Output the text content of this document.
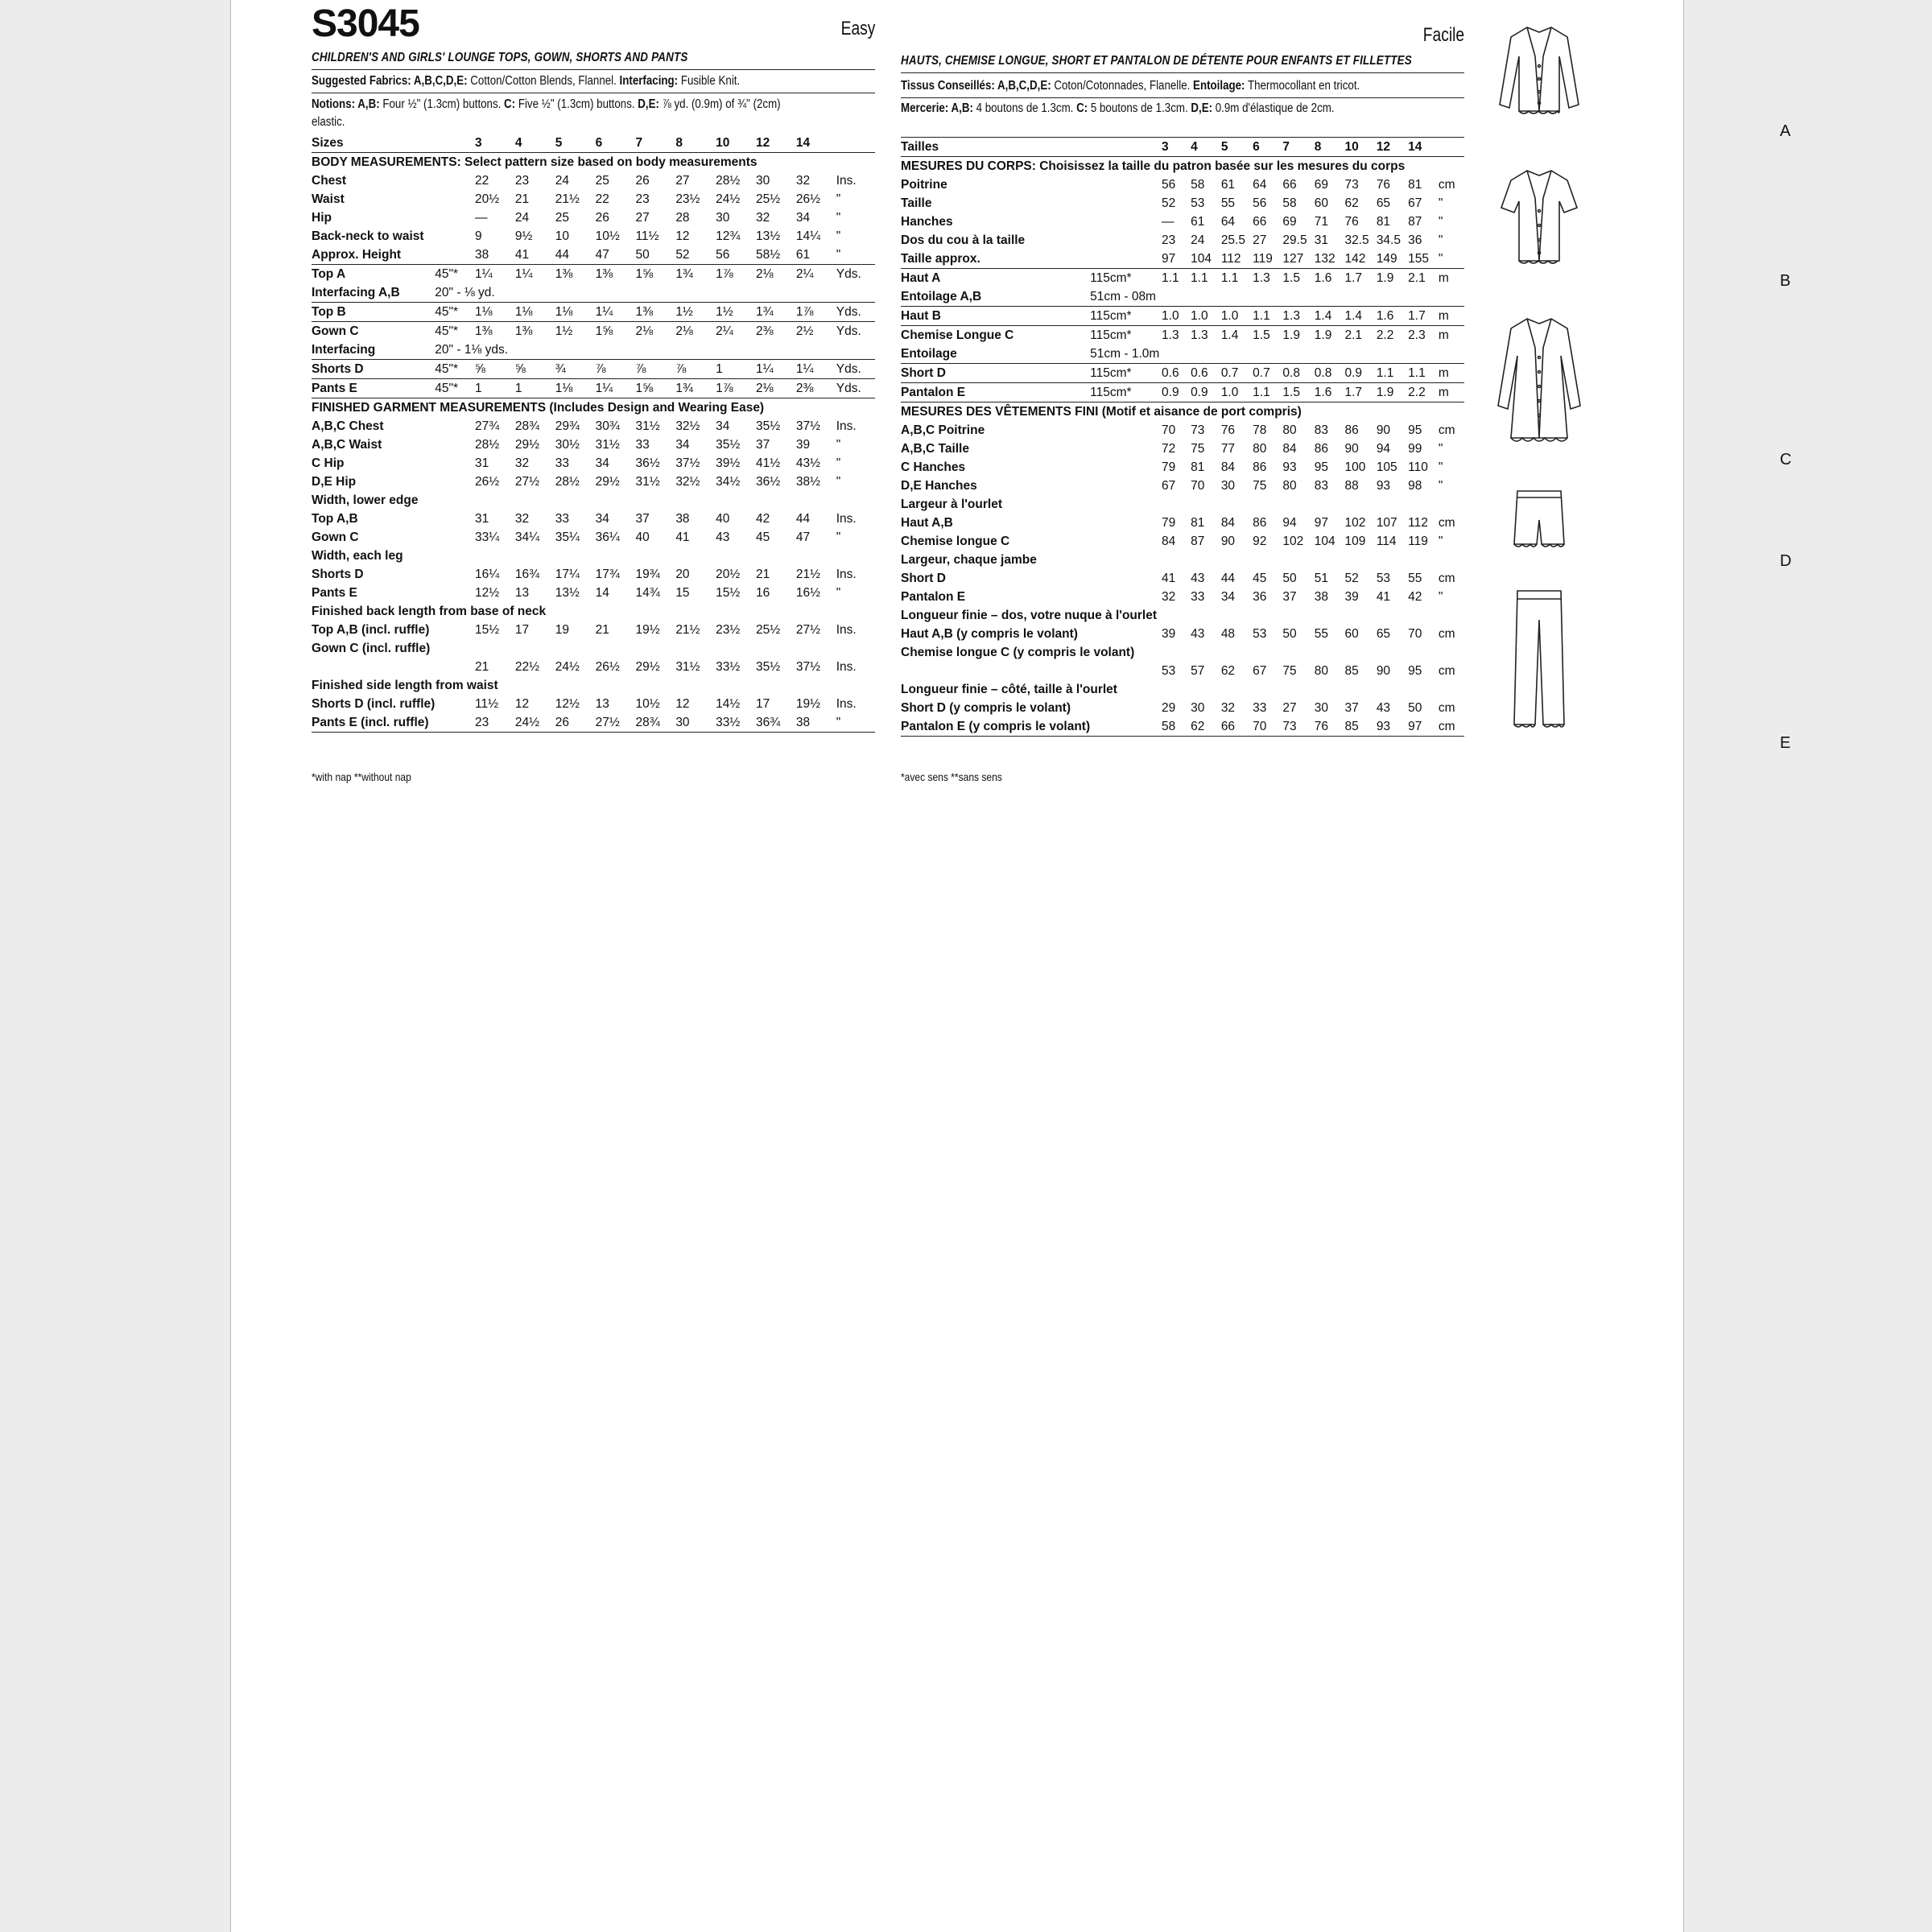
S3045	Easy
CHILDREN'S AND GIRLS' LOUNGE TOPS, GOWN, SHORTS AND PANTS
Suggested Fabrics: A,B,C,D,E: Cotton/Cotton Blends, Flannel. Interfacing: Fusible Knit.
Notions: A,B: Four ½" (1.3cm) buttons. C: Five ½" (1.3cm) buttons. D,E: ⅞ yd. (0.9m) of ¾" (2cm)
elastic.
Sizes		3	4	5	6	7	8	10	12	14	
BODY MEASUREMENTS: Select pattern size based on body measurements											
Chest		22	23	24	25	26	27	28½	30	32	Ins.
Waist		20½	21	21½	22	23	23½	24½	25½	26½	"
Hip		—	24	25	26	27	28	30	32	34	"
Back-neck to waist		9	9½	10	10½	11½	12	12¾	13½	14¼	"
Approx. Height		38	41	44	47	50	52	56	58½	61	"
Top A	45"*	1¼	1¼	1⅜	1⅜	1⅝	1¾	1⅞	2⅛	2¼	Yds.
Interfacing A,B	20" - ⅛ yd.										
Top B	45"*	1⅛	1⅛	1⅛	1¼	1⅜	1½	1½	1¾	1⅞	Yds.
Gown C	45"*	1⅜	1⅜	1½	1⅝	2⅛	2⅛	2¼	2⅜	2½	Yds.
Interfacing	20" - 1⅛ yds.										
Shorts D	45"*	⅝	⅝	¾	⅞	⅞	⅞	1	1¼	1¼	Yds.
Pants E	45"*	1	1	1⅛	1¼	1⅝	1¾	1⅞	2⅛	2⅜	Yds.
FINISHED GARMENT MEASUREMENTS (Includes Design and Wearing Ease)											
A,B,C Chest		27¾	28¾	29¾	30¾	31½	32½	34	35½	37½	Ins.
A,B,C Waist		28½	29½	30½	31½	33	34	35½	37	39	"
C Hip		31	32	33	34	36½	37½	39½	41½	43½	"
D,E Hip		26½	27½	28½	29½	31½	32½	34½	36½	38½	"
Width, lower edge											
Top A,B		31	32	33	34	37	38	40	42	44	Ins.
Gown C		33¼	34¼	35¼	36¼	40	41	43	45	47	"
Width, each leg											
Shorts D		16¼	16¾	17¼	17¾	19¾	20	20½	21	21½	Ins.
Pants E		12½	13	13½	14	14¾	15	15½	16	16½	"
Finished back length from base of neck											
Top A,B (incl. ruffle)		15½	17	19	21	19½	21½	23½	25½	27½	Ins.
Gown C (incl. ruffle)											
		21	22½	24½	26½	29½	31½	33½	35½	37½	Ins.
Finished side length from waist											
Shorts D (incl. ruffle)		11½	12	12½	13	10½	12	14½	17	19½	Ins.
Pants E (incl. ruffle)		23	24½	26	27½	28¾	30	33½	36¾	38	"
*with nap **without nap
Facile
HAUTS, CHEMISE LONGUE, SHORT ET PANTALON DE DÉTENTE POUR ENFANTS ET FILLETTES
Tissus Conseillés: A,B,C,D,E: Coton/Cotonnades, Flanelle. Entoilage: Thermocollant en tricot.
Mercerie: A,B: 4 boutons de 1.3cm. C: 5 boutons de 1.3cm. D,E: 0.9m d'élastique de 2cm.
Tailles		3	4	5	6	7	8	10	12	14	
MESURES DU CORPS: Choisissez la taille du patron basée sur les mesures du corps											
Poitrine		56	58	61	64	66	69	73	76	81	cm
Taille		52	53	55	56	58	60	62	65	67	"
Hanches		—	61	64	66	69	71	76	81	87	"
Dos du cou à la taille		23	24	25.5	27	29.5	31	32.5	34.5	36	"
Taille approx.		97	104	112	119	127	132	142	149	155	"
Haut A	115cm*	1.1	1.1	1.1	1.3	1.5	1.6	1.7	1.9	2.1	m
Entoilage A,B	51cm - 08m										
Haut B	115cm*	1.0	1.0	1.0	1.1	1.3	1.4	1.4	1.6	1.7	m
Chemise Longue C	115cm*	1.3	1.3	1.4	1.5	1.9	1.9	2.1	2.2	2.3	m
Entoilage	51cm - 1.0m										
Short D	115cm*	0.6	0.6	0.7	0.7	0.8	0.8	0.9	1.1	1.1	m
Pantalon E	115cm*	0.9	0.9	1.0	1.1	1.5	1.6	1.7	1.9	2.2	m
MESURES DES VÊTEMENTS FINI (Motif et aisance de port compris)											
A,B,C Poitrine		70	73	76	78	80	83	86	90	95	cm
A,B,C Taille		72	75	77	80	84	86	90	94	99	"
C Hanches		79	81	84	86	93	95	100	105	110	"
D,E Hanches		67	70	30	75	80	83	88	93	98	"
Largeur à l'ourlet											
Haut A,B		79	81	84	86	94	97	102	107	112	cm
Chemise longue C		84	87	90	92	102	104	109	114	119	"
Largeur, chaque jambe											
Short D		41	43	44	45	50	51	52	53	55	cm
Pantalon E		32	33	34	36	37	38	39	41	42	"
Longueur finie – dos, votre nuque à l'ourlet											
Haut A,B (y compris le volant)		39	43	48	53	50	55	60	65	70	cm
Chemise longue C (y compris le volant)											
		53	57	62	67	75	80	85	90	95	cm
Longueur finie – côté, taille à l'ourlet											
Short D (y compris le volant)		29	30	32	33	27	30	37	43	50	cm
Pantalon E (y compris le volant)		58	62	66	70	73	76	85	93	97	cm
*avec sens **sans sens
A
B
C
D
E
